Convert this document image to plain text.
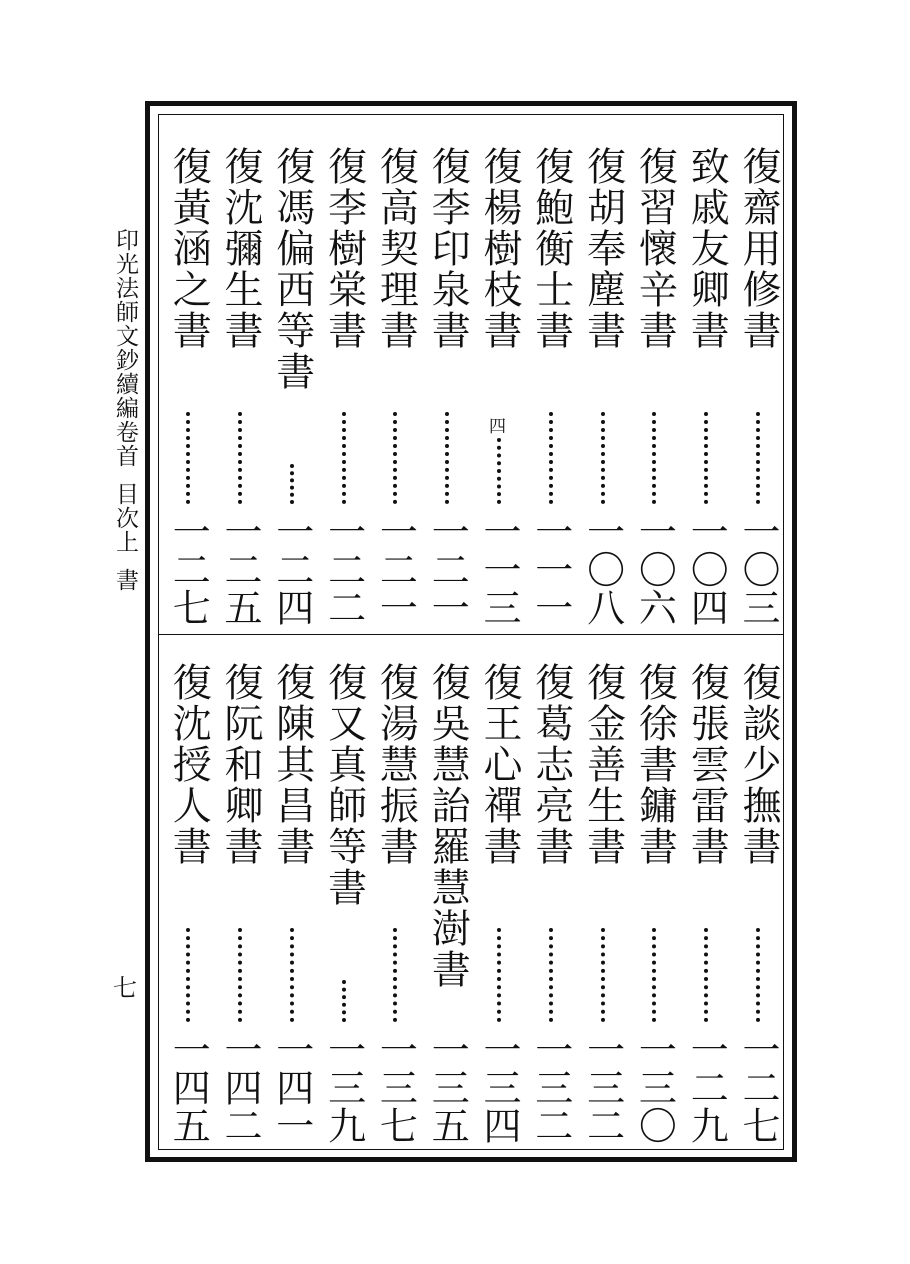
印光法師文鈔續編卷首目次上書
七
復齋用修書
一〇三
致戚友卿書
一〇四
復習懷辛書
一〇六
復胡奉塵書
一〇八
復鮑衡士書
一一一
復楊樹枝書
四
一一三
復李印泉書
一二一
復高契理書
一二一
復李樹棠書
一二二
復馮偏西等書
一二四
復沈彌生書
一二五
復黃涵之書
一二七
復談少撫書
一二七
復張雲雷書
一二九
復徐書鏞書
一三〇
復金善生書
一三二
復葛志亮書
一三二
復王心禪書
一三四
復吳慧詒羅慧澍書
一三五
復湯慧振書
一三七
復又真師等書
一三九
復陳其昌書
一四一
復阮和卿書
一四二
復沈授人書
一四五
